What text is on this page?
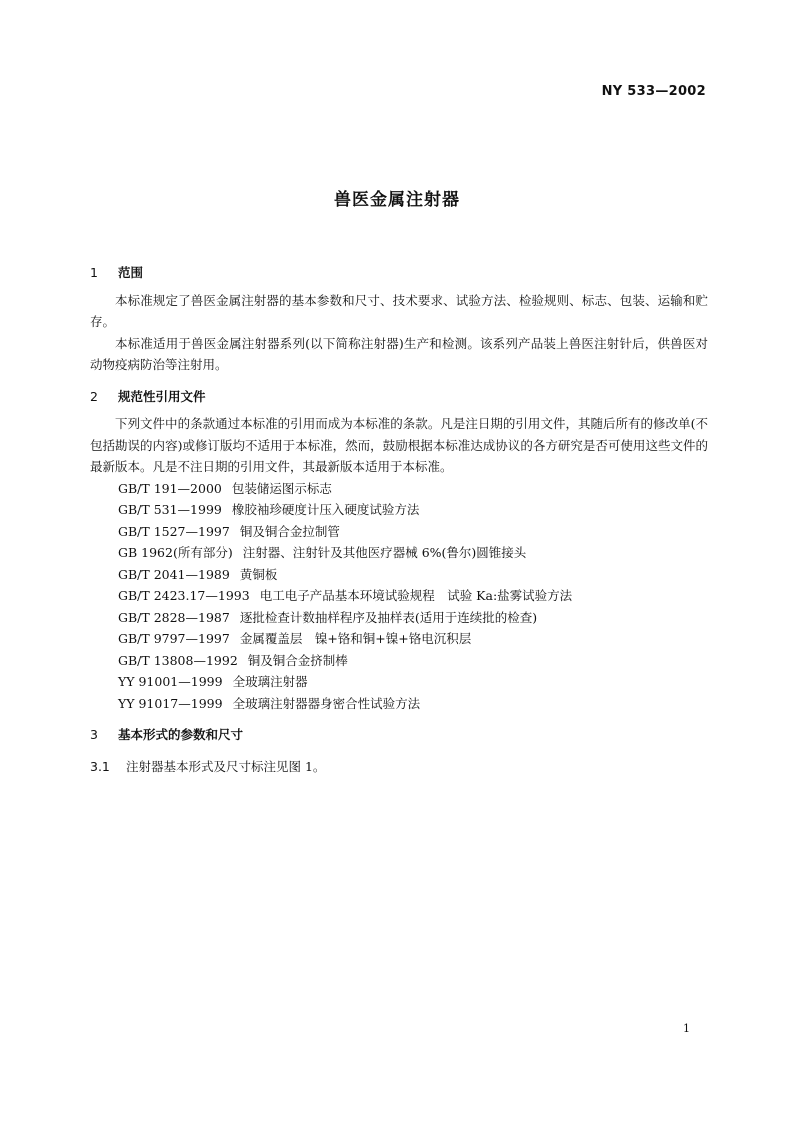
NY 533—2002
兽医金属注射器

1 范围

本标准规定了兽医金属注射器的基本参数和尺寸、技术要求、试验方法、检验规则、标志、包装、运输和贮存。

本标准适用于兽医金属注射器系列(以下简称注射器)生产和检测。该系列产品装上兽医注射针后，供兽医对动物疫病防治等注射用。

2 规范性引用文件

下列文件中的条款通过本标准的引用而成为本标准的条款。凡是注日期的引用文件，其随后所有的修改单(不包括勘误的内容)或修订版均不适用于本标准，然而，鼓励根据本标准达成协议的各方研究是否可使用这些文件的最新版本。凡是不注日期的引用文件，其最新版本适用于本标准。

GB/T 191—2000 包装储运图示标志

GB/T 531—1999 橡胶袖珍硬度计压入硬度试验方法

GB/T 1527—1997 铜及铜合金拉制管

GB 1962(所有部分) 注射器、注射针及其他医疗器械 6%(鲁尔)圆锥接头

GB/T 2041—1989 黄铜板

GB/T 2423.17—1993 电工电子产品基本环境试验规程　试验 Ka:盐雾试验方法

GB/T 2828—1987 逐批检查计数抽样程序及抽样表(适用于连续批的检查)

GB/T 9797—1997 金属覆盖层　镍+铬和铜+镍+铬电沉积层

GB/T 13808—1992 铜及铜合金挤制棒

YY 91001—1999 全玻璃注射器

YY 91017—1999 全玻璃注射器器身密合性试验方法

3 基本形式的参数和尺寸

3.1 注射器基本形式及尺寸标注见图 1。

1
